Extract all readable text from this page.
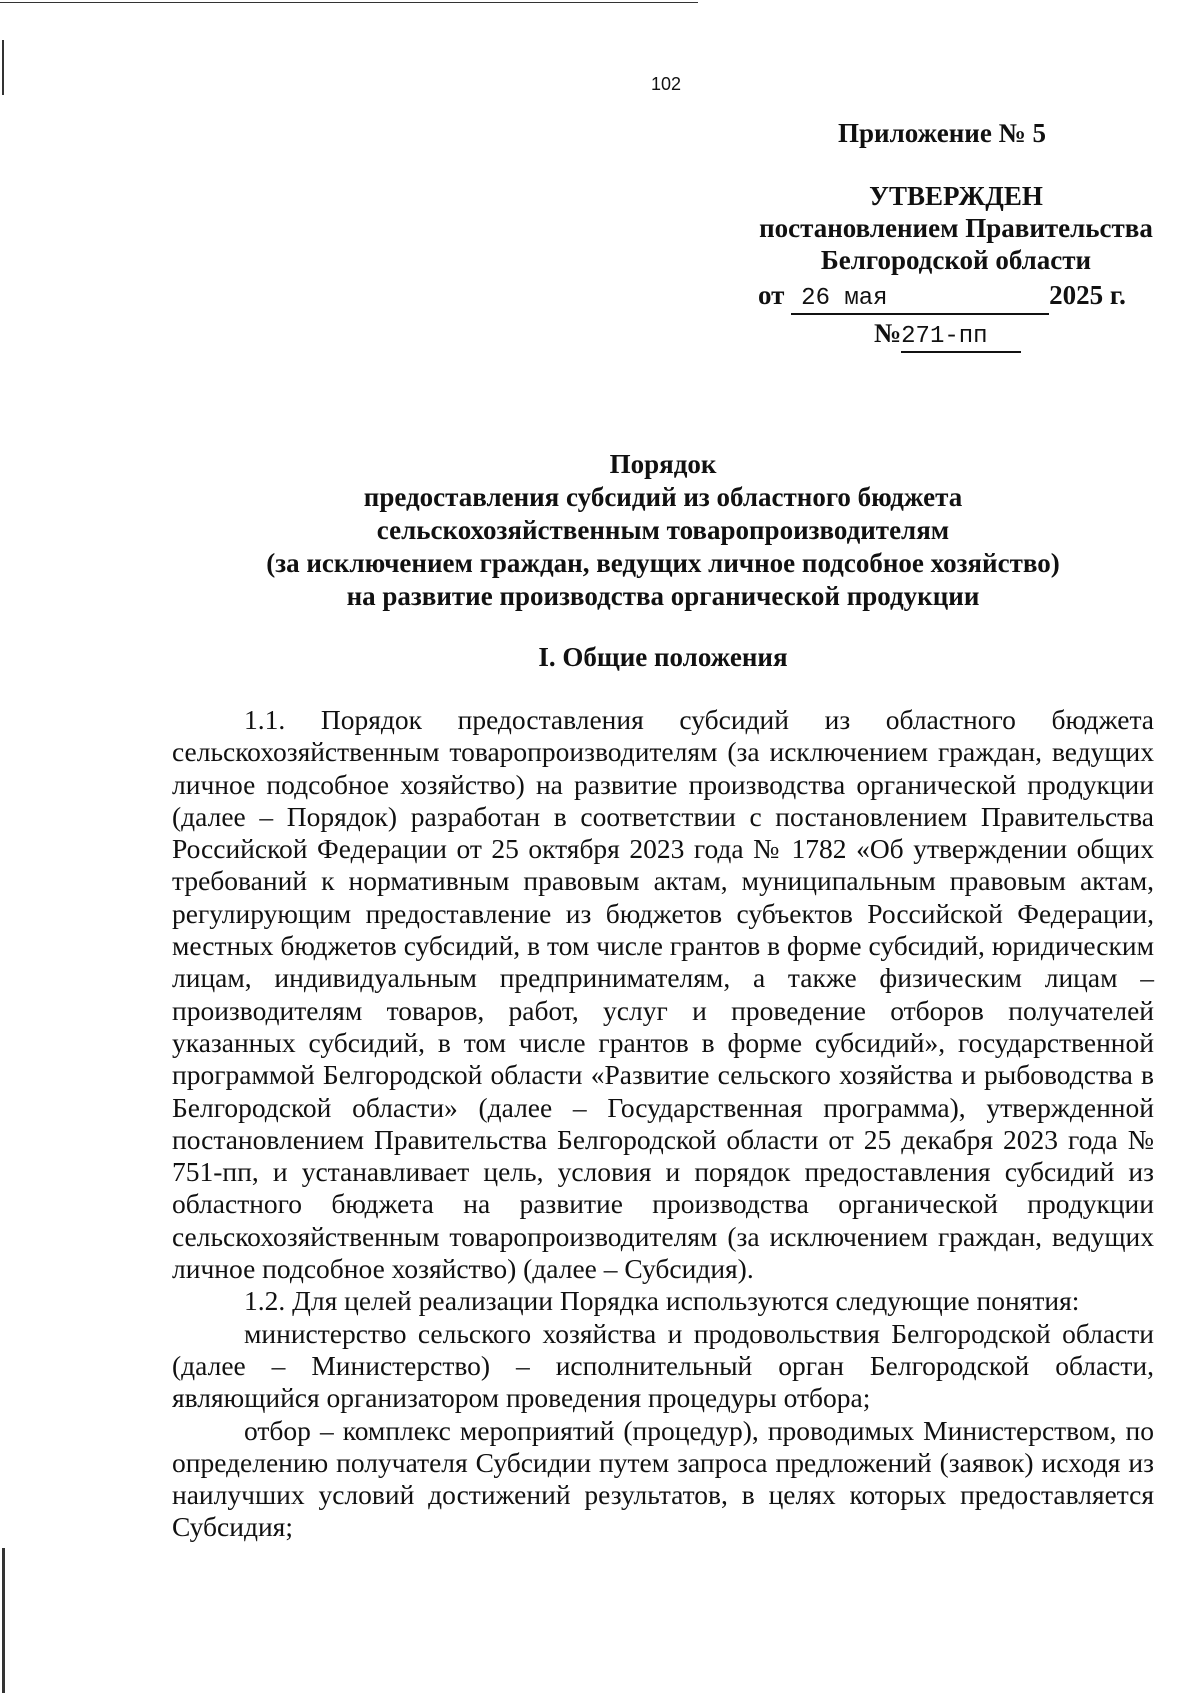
102
Приложение № 5
УТВЕРЖДЕН
постановлением Правительства
Белгородской области
от 26 мая	2025 г.
№271-пп
Порядок
предоставления субсидий из областного бюджета
сельскохозяйственным товаропроизводителям
(за исключением граждан, ведущих личное подсобное хозяйство)
на развитие производства органической продукции
I. Общие положения

1.1. Порядок предоставления субсидий из областного бюджета сельскохозяйственным товаропроизводителям (за исключением граждан, ведущих личное подсобное хозяйство) на развитие производства органической продукции (далее – Порядок) разработан в соответствии с постановлением Правительства Российской Федерации от 25 октября 2023 года № 1782 «Об утверждении общих требований к нормативным правовым актам, муниципальным правовым актам, регулирующим предоставление из бюджетов субъектов Российской Федерации, местных бюджетов субсидий, в том числе грантов в форме субсидий, юридическим лицам, индивидуальным предпринимателям, а также физическим лицам – производителям товаров, работ, услуг и проведение отборов получателей указанных субсидий, в том числе грантов в форме субсидий», государственной программой Белгородской области «Развитие сельского хозяйства и рыбоводства в Белгородской области» (далее – Государственная программа), утвержденной постановлением Правительства Белгородской области от 25 декабря 2023 года № 751-пп, и устанавливает цель, условия и порядок предоставления субсидий из областного бюджета на развитие производства органической продукции сельскохозяйственным товаропроизводителям (за исключением граждан, ведущих личное подсобное хозяйство) (далее – Субсидия).

1.2. Для целей реализации Порядка используются следующие понятия:

министерство сельского хозяйства и продовольствия Белгородской области (далее – Министерство) – исполнительный орган Белгородской области, являющийся организатором проведения процедуры отбора;

отбор – комплекс мероприятий (процедур), проводимых Министерством, по определению получателя Субсидии путем запроса предложений (заявок) исходя из наилучших условий достижений результатов, в целях которых предоставляется Субсидия;
